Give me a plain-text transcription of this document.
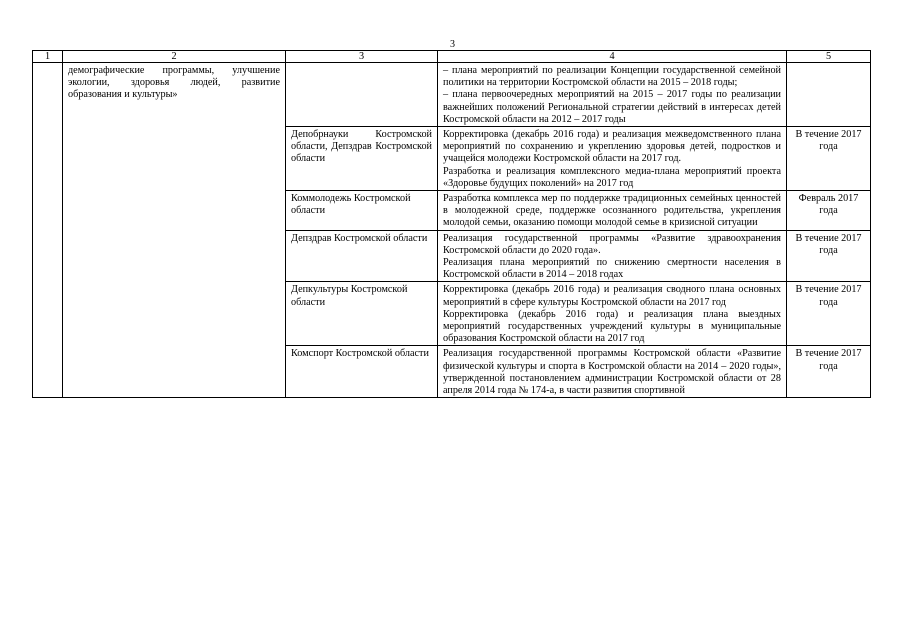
3
1	2	3	4	5
	демографические программы, улучшение экологии, здоровья людей, развитие образования и культуры»		– плана мероприятий по реализации Концепции государственной семейной политики на территории Костромской области на 2015 – 2018 годы;
– плана первоочередных мероприятий на 2015 – 2017 годы по реализации важнейших положений Региональной стратегии действий в интересах детей Костромской области на 2012 – 2017 годы	

		Депобрнауки Костромской области, Депздрав Костромской области	Корректировка (декабрь 2016 года) и реализация межведомственного плана мероприятий по сохранению и укреплению здоровья детей, подростков и учащейся молодежи Костромской области на 2017 год.
Разработка и реализация комплексного медиа-плана мероприятий проекта «Здоровье будущих поколений» на 2017 год	В течение 2017 года
		Коммолодежь Костромской области	Разработка комплекса мер по поддержке традиционных семейных ценностей в молодежной среде, поддержке осознанного родительства, укрепления молодой семьи, оказанию помощи молодой семье в кризисной ситуации	Февраль 2017 года
		Депздрав Костромской области	Реализация государственной программы «Развитие здравоохранения Костромской области до 2020 года».
Реализация плана мероприятий по снижению смертности населения в Костромской области в 2014 – 2018 годах	В течение 2017 года
		Депкультуры Костромской области	Корректировка (декабрь 2016 года) и реализация сводного плана основных мероприятий в сфере культуры Костромской области на 2017 год
Корректировка (декабрь 2016 года) и реализация плана выездных мероприятий государственных учреждений культуры в муниципальные образования Костромской области на 2017 год	В течение 2017 года
		Комспорт Костромской области	Реализация государственной программы Костромской области «Развитие физической культуры и спорта в Костромской области на 2014 – 2020 годы», утвержденной постановлением администрации Костромской области от 28 апреля 2014 года № 174-а, в части развития спортивной	В течение 2017 года
